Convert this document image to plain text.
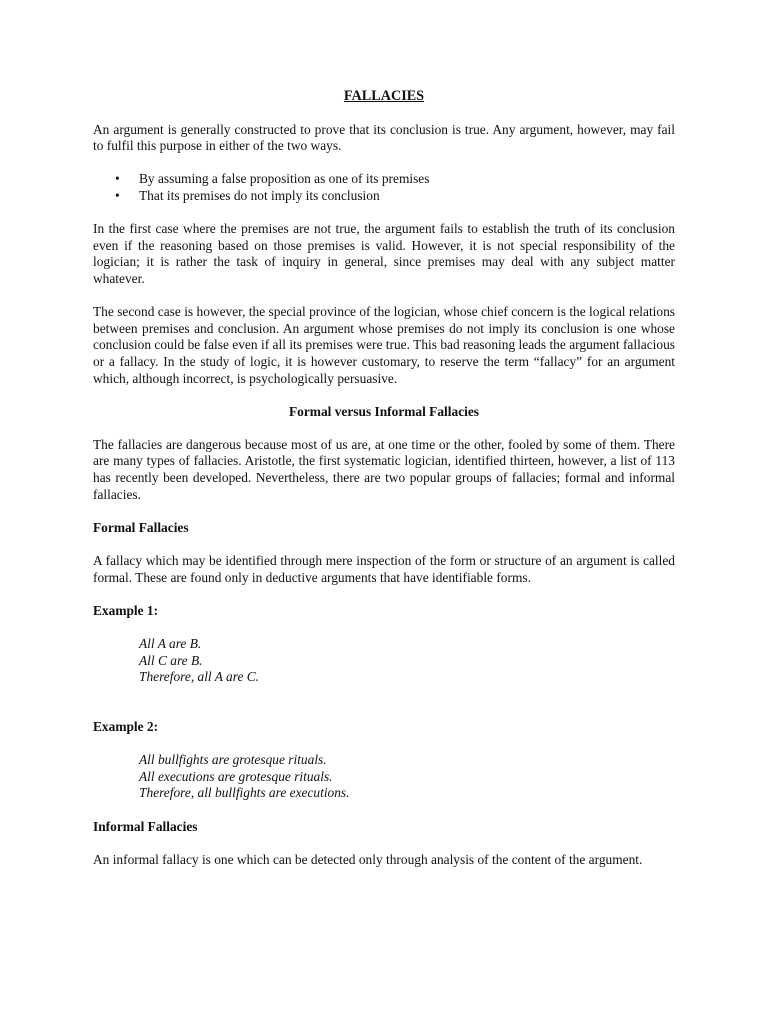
FALLACIES

An argument is generally constructed to prove that its conclusion is true. Any argument, however, may fail to fulfil this purpose in either of the two ways.

• By assuming a false proposition as one of its premises
• That its premises do not imply its conclusion

In the first case where the premises are not true, the argument fails to establish the truth of its conclusion even if the reasoning based on those premises is valid. However, it is not special responsibility of the logician; it is rather the task of inquiry in general, since premises may deal with any subject matter whatever.

The second case is however, the special province of the logician, whose chief concern is the logical relations between premises and conclusion. An argument whose premises do not imply its conclusion is one whose conclusion could be false even if all its premises were true. This bad reasoning leads the argument fallacious or a fallacy. In the study of logic, it is however customary, to reserve the term “fallacy” for an argument which, although incorrect, is psychologically persuasive.

Formal versus Informal Fallacies

The fallacies are dangerous because most of us are, at one time or the other, fooled by some of them. There are many types of fallacies. Aristotle, the first systematic logician, identified thirteen, however, a list of 113 has recently been developed. Nevertheless, there are two popular groups of fallacies; formal and informal fallacies.

Formal Fallacies

A fallacy which may be identified through mere inspection of the form or structure of an argument is called formal. These are found only in deductive arguments that have identifiable forms.

Example 1:
All A are B.
All C are B.
Therefore, all A are C.
Example 2:
All bullfights are grotesque rituals.
All executions are grotesque rituals.
Therefore, all bullfights are executions.
Informal Fallacies

An informal fallacy is one which can be detected only through analysis of the content of the argument.
